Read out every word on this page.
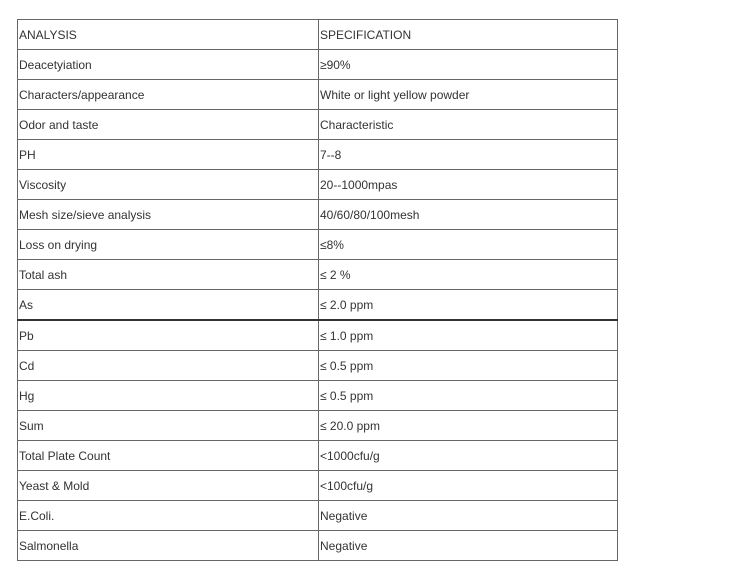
ANALYSIS	SPECIFICATION
Deacetyiation	≥90%
Characters/appearance	White or light yellow powder
Odor and taste	Characteristic
PH	7--8
Viscosity	20--1000mpas
Mesh size/sieve analysis	40/60/80/100mesh
Loss on drying	≤8%
Total ash	≤ 2 %
As	≤ 2.0 ppm
Pb	≤ 1.0 ppm
Cd	≤ 0.5 ppm
Hg	≤ 0.5 ppm
Sum	≤ 20.0 ppm
Total Plate Count	<1000cfu/g
Yeast & Mold	<100cfu/g
E.Coli.	Negative
Salmonella	Negative
